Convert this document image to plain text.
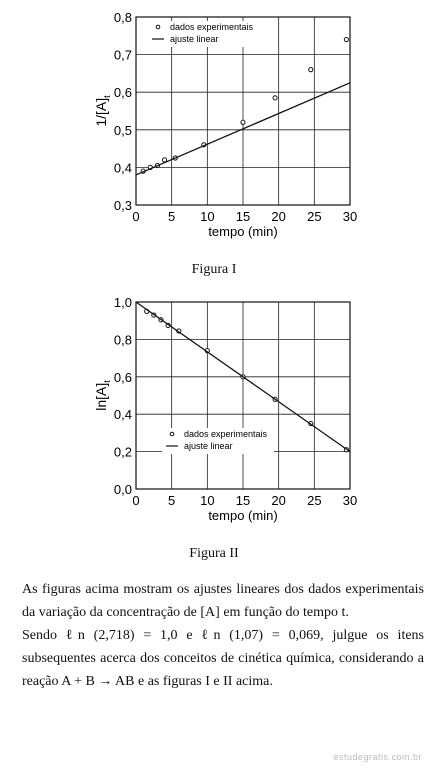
0,3
0,4
0,5
0,6
0,7
0,8
0 5 10 15 20 25 30
$1/[A]_t$
tempo (min)
dados experimentais
ajuste linear
0,0
0,2
0,4
0,6
0,8
1,0
0 5 10 15 20 25 30
$\ln[A]_t$
tempo (min)
dados experimentais
ajuste linear
Figura I
Figura II

As figuras acima mostram os ajustes lineares dos dados experimentais da variação da concentração de [A] em função do tempo t.

Sendo ℓn (2,718) = 1,0 e ℓn (1,07) = 0,069, julgue os itens subsequentes acerca dos conceitos de cinética química, considerando a reação A + B → AB e as figuras I e II acima.

estudegratis.com.br
